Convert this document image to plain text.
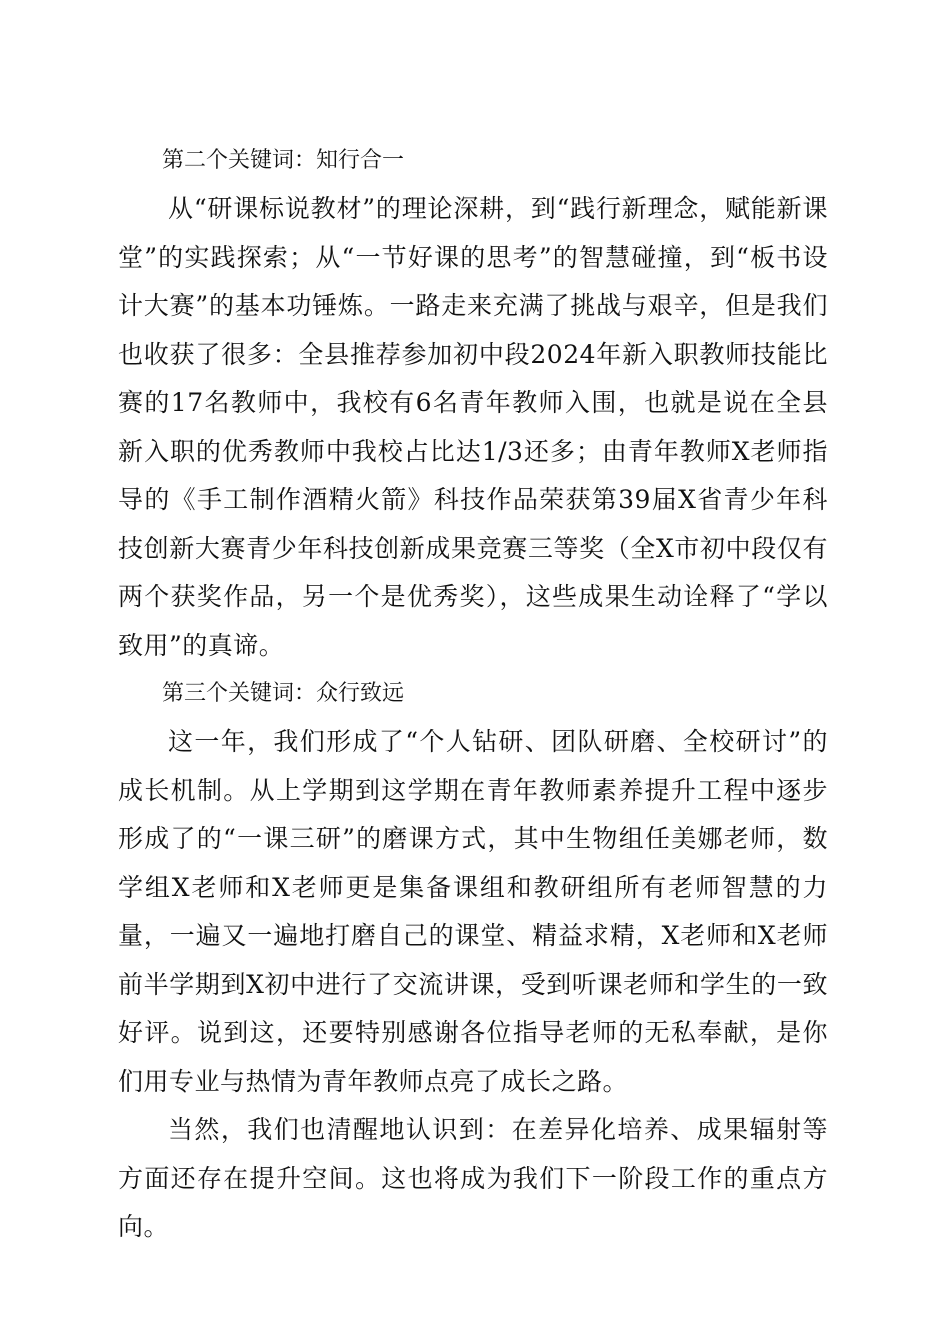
第二个关键词：知行合一
从“研课标说教材”的理论深耕，到“践行新理念，赋能新课堂”的实践探索；从“一节好课的思考”的智慧碰撞，到“板书设计大赛”的基本功锤炼。一路走来充满了挑战与艰辛，但是我们也收获了很多：全县推荐参加初中段2024年新入职教师技能比赛的17名教师中，我校有6名青年教师入围，也就是说在全县新入职的优秀教师中我校占比达1/3还多；由青年教师X老师指导的《手工制作酒精火箭》科技作品荣获第39届X省青少年科技创新大赛青少年科技创新成果竞赛三等奖（全X市初中段仅有两个获奖作品，另一个是优秀奖），这些成果生动诠释了“学以致用”的真谛。
第三个关键词：众行致远
这一年，我们形成了“个人钻研、团队研磨、全校研讨”的成长机制。从上学期到这学期在青年教师素养提升工程中逐步形成了的“一课三研”的磨课方式，其中生物组任美娜老师，数学组X老师和X老师更是集备课组和教研组所有老师智慧的力量，一遍又一遍地打磨自己的课堂、精益求精，X老师和X老师前半学期到X初中进行了交流讲课，受到听课老师和学生的一致好评。说到这，还要特别感谢各位指导老师的无私奉献，是你们用专业与热情为青年教师点亮了成长之路。
当然，我们也清醒地认识到：在差异化培养、成果辐射等方面还存在提升空间。这也将成为我们下一阶段工作的重点方向。
